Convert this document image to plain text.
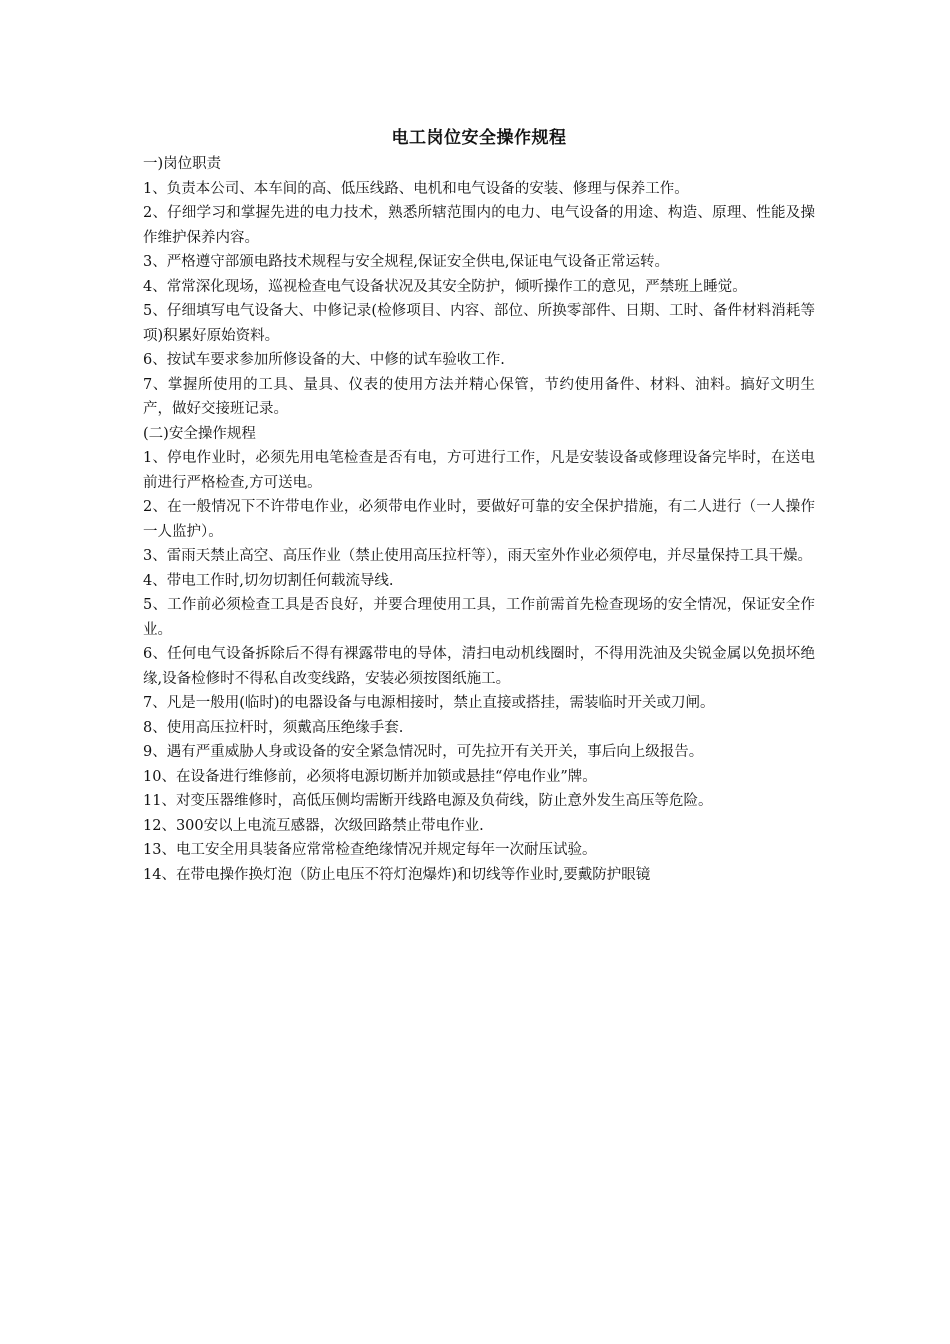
电工岗位安全操作规程

一)岗位职责

1、负责本公司、本车间的高、低压线路、电机和电气设备的安装、修理与保养工作。

2、仔细学习和掌握先进的电力技术，熟悉所辖范围内的电力、电气设备的用途、构造、原理、性能及操作维护保养内容。

3、严格遵守部颁电路技术规程与安全规程,保证安全供电,保证电气设备正常运转。

4、常常深化现场，巡视检查电气设备状况及其安全防护，倾听操作工的意见，严禁班上睡觉。

5、仔细填写电气设备大、中修记录(检修项目、内容、部位、所换零部件、日期、工时、备件材料消耗等项)积累好原始资料。

6、按试车要求参加所修设备的大、中修的试车验收工作.

7、掌握所使用的工具、量具、仪表的使用方法并精心保管，节约使用备件、材料、油料。搞好文明生产，做好交接班记录。

(二)安全操作规程

1、停电作业时，必须先用电笔检查是否有电，方可进行工作，凡是安装设备或修理设备完毕时，在送电前进行严格检查,方可送电。

2、在一般情况下不许带电作业，必须带电作业时，要做好可靠的安全保护措施，有二人进行（一人操作一人监护）。

3、雷雨天禁止高空、高压作业（禁止使用高压拉杆等），雨天室外作业必须停电，并尽量保持工具干燥。

4、带电工作时,切勿切割任何载流导线.

5、工作前必须检查工具是否良好，并要合理使用工具，工作前需首先检查现场的安全情况，保证安全作业。

6、任何电气设备拆除后不得有裸露带电的导体，清扫电动机线圈时，不得用洗油及尖锐金属以免损坏绝缘,设备检修时不得私自改变线路，安装必须按图纸施工。

7、凡是一般用(临时)的电器设备与电源相接时，禁止直接或搭挂，需装临时开关或刀闸。

8、使用高压拉杆时，须戴高压绝缘手套.

9、遇有严重威胁人身或设备的安全紧急情况时，可先拉开有关开关，事后向上级报告。

10、在设备进行维修前，必须将电源切断并加锁或悬挂“停电作业”牌。

11、对变压器维修时，高低压侧均需断开线路电源及负荷线，防止意外发生高压等危险。

12、300安以上电流互感器，次级回路禁止带电作业.

13、电工安全用具装备应常常检查绝缘情况并规定每年一次耐压试验。

14、在带电操作换灯泡（防止电压不符灯泡爆炸)和切线等作业时,要戴防护眼镜
